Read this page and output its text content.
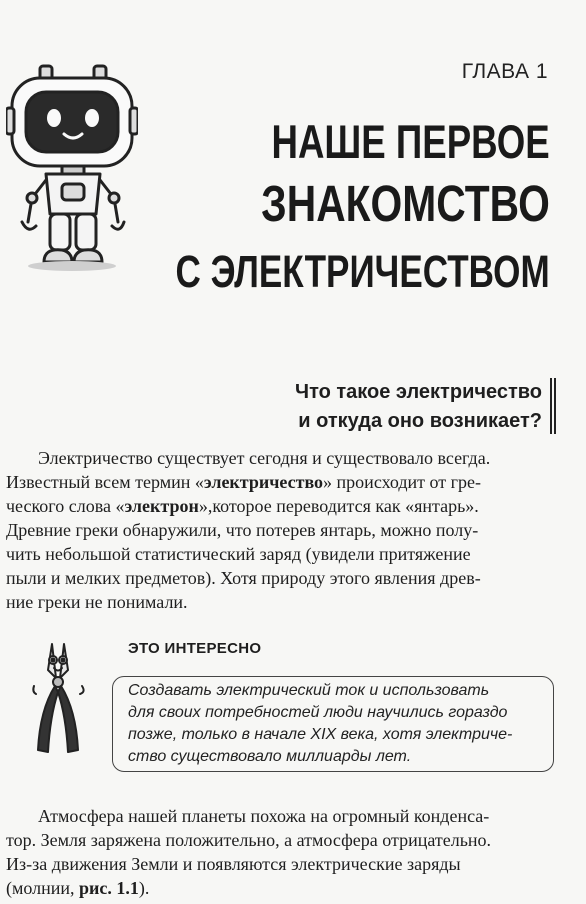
ГЛАВА 1
НАШЕ ПЕРВОЕ
ЗНАКОМСТВО
С ЭЛЕКТРИЧЕСТВОМ
Что такое электричество
и откуда оно возникает?
Электричество существует сегодня и существовало всегда.
Известный всем термин «электричество» происходит от гре-
ческого слова «электрон»,которое переводится как «янтарь».
Древние греки обнаружили, что потерев янтарь, можно полу-
чить небольшой статистический заряд (увидели притяжение
пыли и мелких предметов). Хотя природу этого явления древ-
ние греки не понимали.
ЭТО ИНТЕРЕСНО
Создавать электрический ток и использовать
для своих потребностей люди научились гораздо
позже, только в начале XIX века, хотя электриче-
ство существовало миллиарды лет.
Атмосфера нашей планеты похожа на огромный конденса-
тор. Земля заряжена положительно, а атмосфера отрицательно.
Из-за движения Земли и появляются электрические заряды
(молнии, рис. 1.1).
